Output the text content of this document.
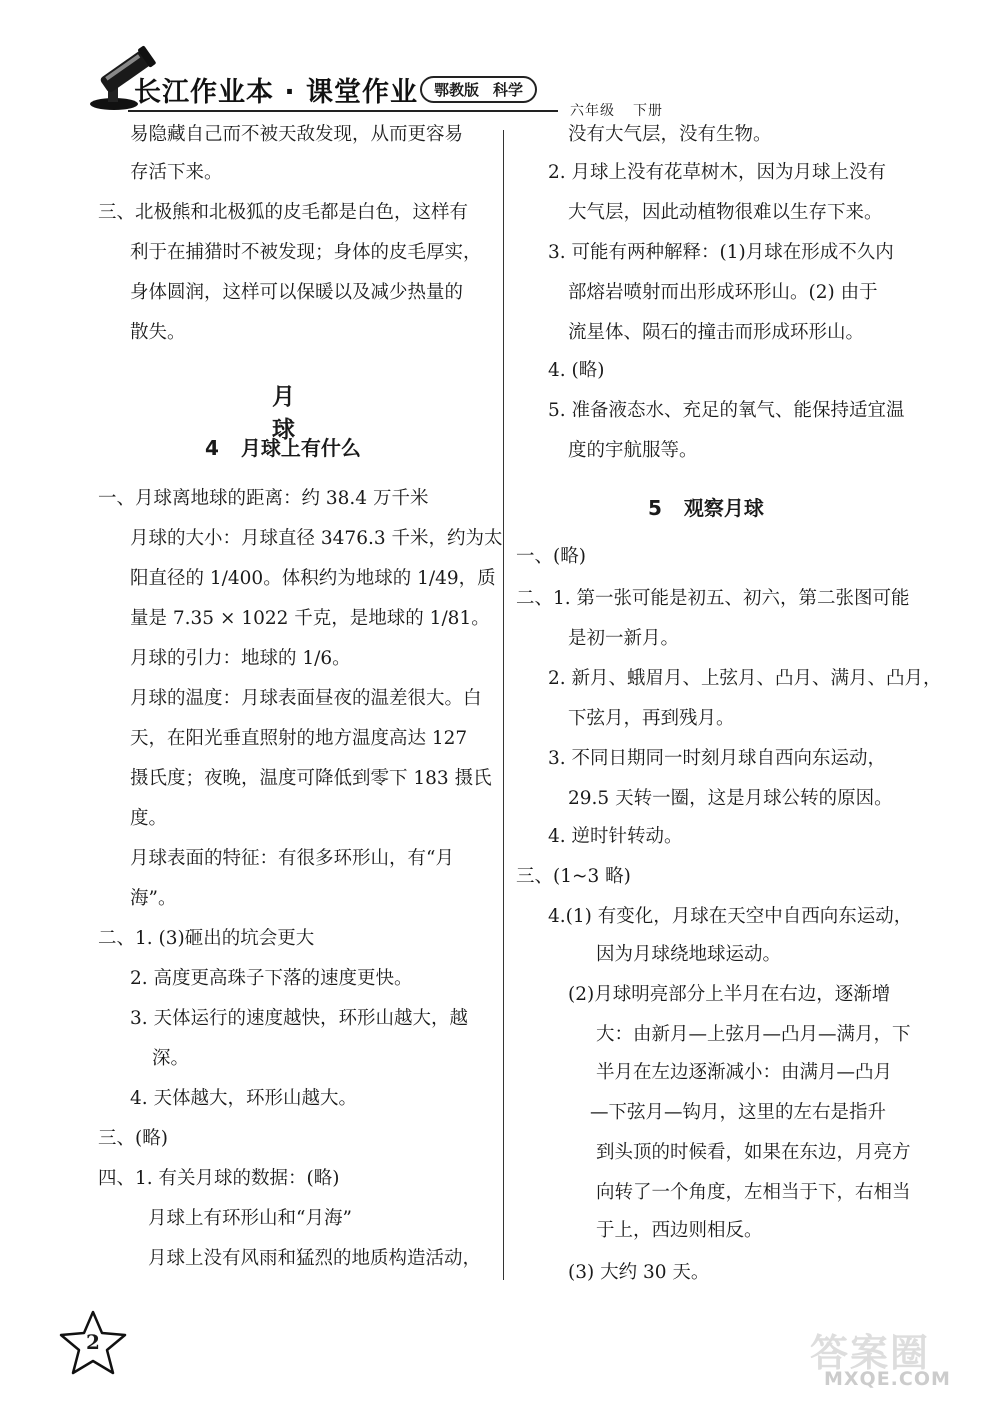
长江作业本 · 课堂作业	鄂教版 科学
六年级 下册
易隐藏自己而不被天敌发现，从而更容易
存活下来。
三、北极熊和北极狐的皮毛都是白色，这样有
利于在捕猎时不被发现；身体的皮毛厚实，
身体圆润，这样可以保暖以及减少热量的
散失。
月球
4 月球上有什么
一、月球离地球的距离：约 38.4 万千米
月球的大小：月球直径 3476.3 千米，约为太
阳直径的 1/400。体积约为地球的 1/49，质
量是 7.35 × 1022 千克，是地球的 1/81。
月球的引力：地球的 1/6。
月球的温度：月球表面昼夜的温差很大。白
天，在阳光垂直照射的地方温度高达 127
摄氏度；夜晚，温度可降低到零下 183 摄氏
度。
月球表面的特征：有很多环形山，有“月
海”。
二、1. (3)砸出的坑会更大
2. 高度更高珠子下落的速度更快。
3. 天体运行的速度越快，环形山越大，越
深。
4. 天体越大，环形山越大。
三、(略)
四、1. 有关月球的数据：(略)
月球上有环形山和“月海”
月球上没有风雨和猛烈的地质构造活动，
没有大气层，没有生物。
2. 月球上没有花草树木，因为月球上没有
大气层，因此动植物很难以生存下来。
3. 可能有两种解释：(1)月球在形成不久内
部熔岩喷射而出形成环形山。(2) 由于
流星体、陨石的撞击而形成环形山。
4. (略)
5. 准备液态水、充足的氧气、能保持适宜温
度的宇航服等。
5 观察月球
一、(略)
二、1. 第一张可能是初五、初六，第二张图可能
是初一新月。
2. 新月、蛾眉月、上弦月、凸月、满月、凸月，
下弦月，再到残月。
3. 不同日期同一时刻月球自西向东运动，
29.5 天转一圈，这是月球公转的原因。
4. 逆时针转动。
三、(1~3 略)
4.(1) 有变化，月球在天空中自西向东运动，
因为月球绕地球运动。
(2)月球明亮部分上半月在右边，逐渐增
大：由新月—上弦月—凸月—满月，下
半月在左边逐渐减小：由满月—凸月
—下弦月—钩月，这里的左右是指升
到头顶的时候看，如果在东边，月亮方
向转了一个角度，左相当于下，右相当
于上，西边则相反。
(3) 大约 30 天。
2	答案圈
MXQE.COM
